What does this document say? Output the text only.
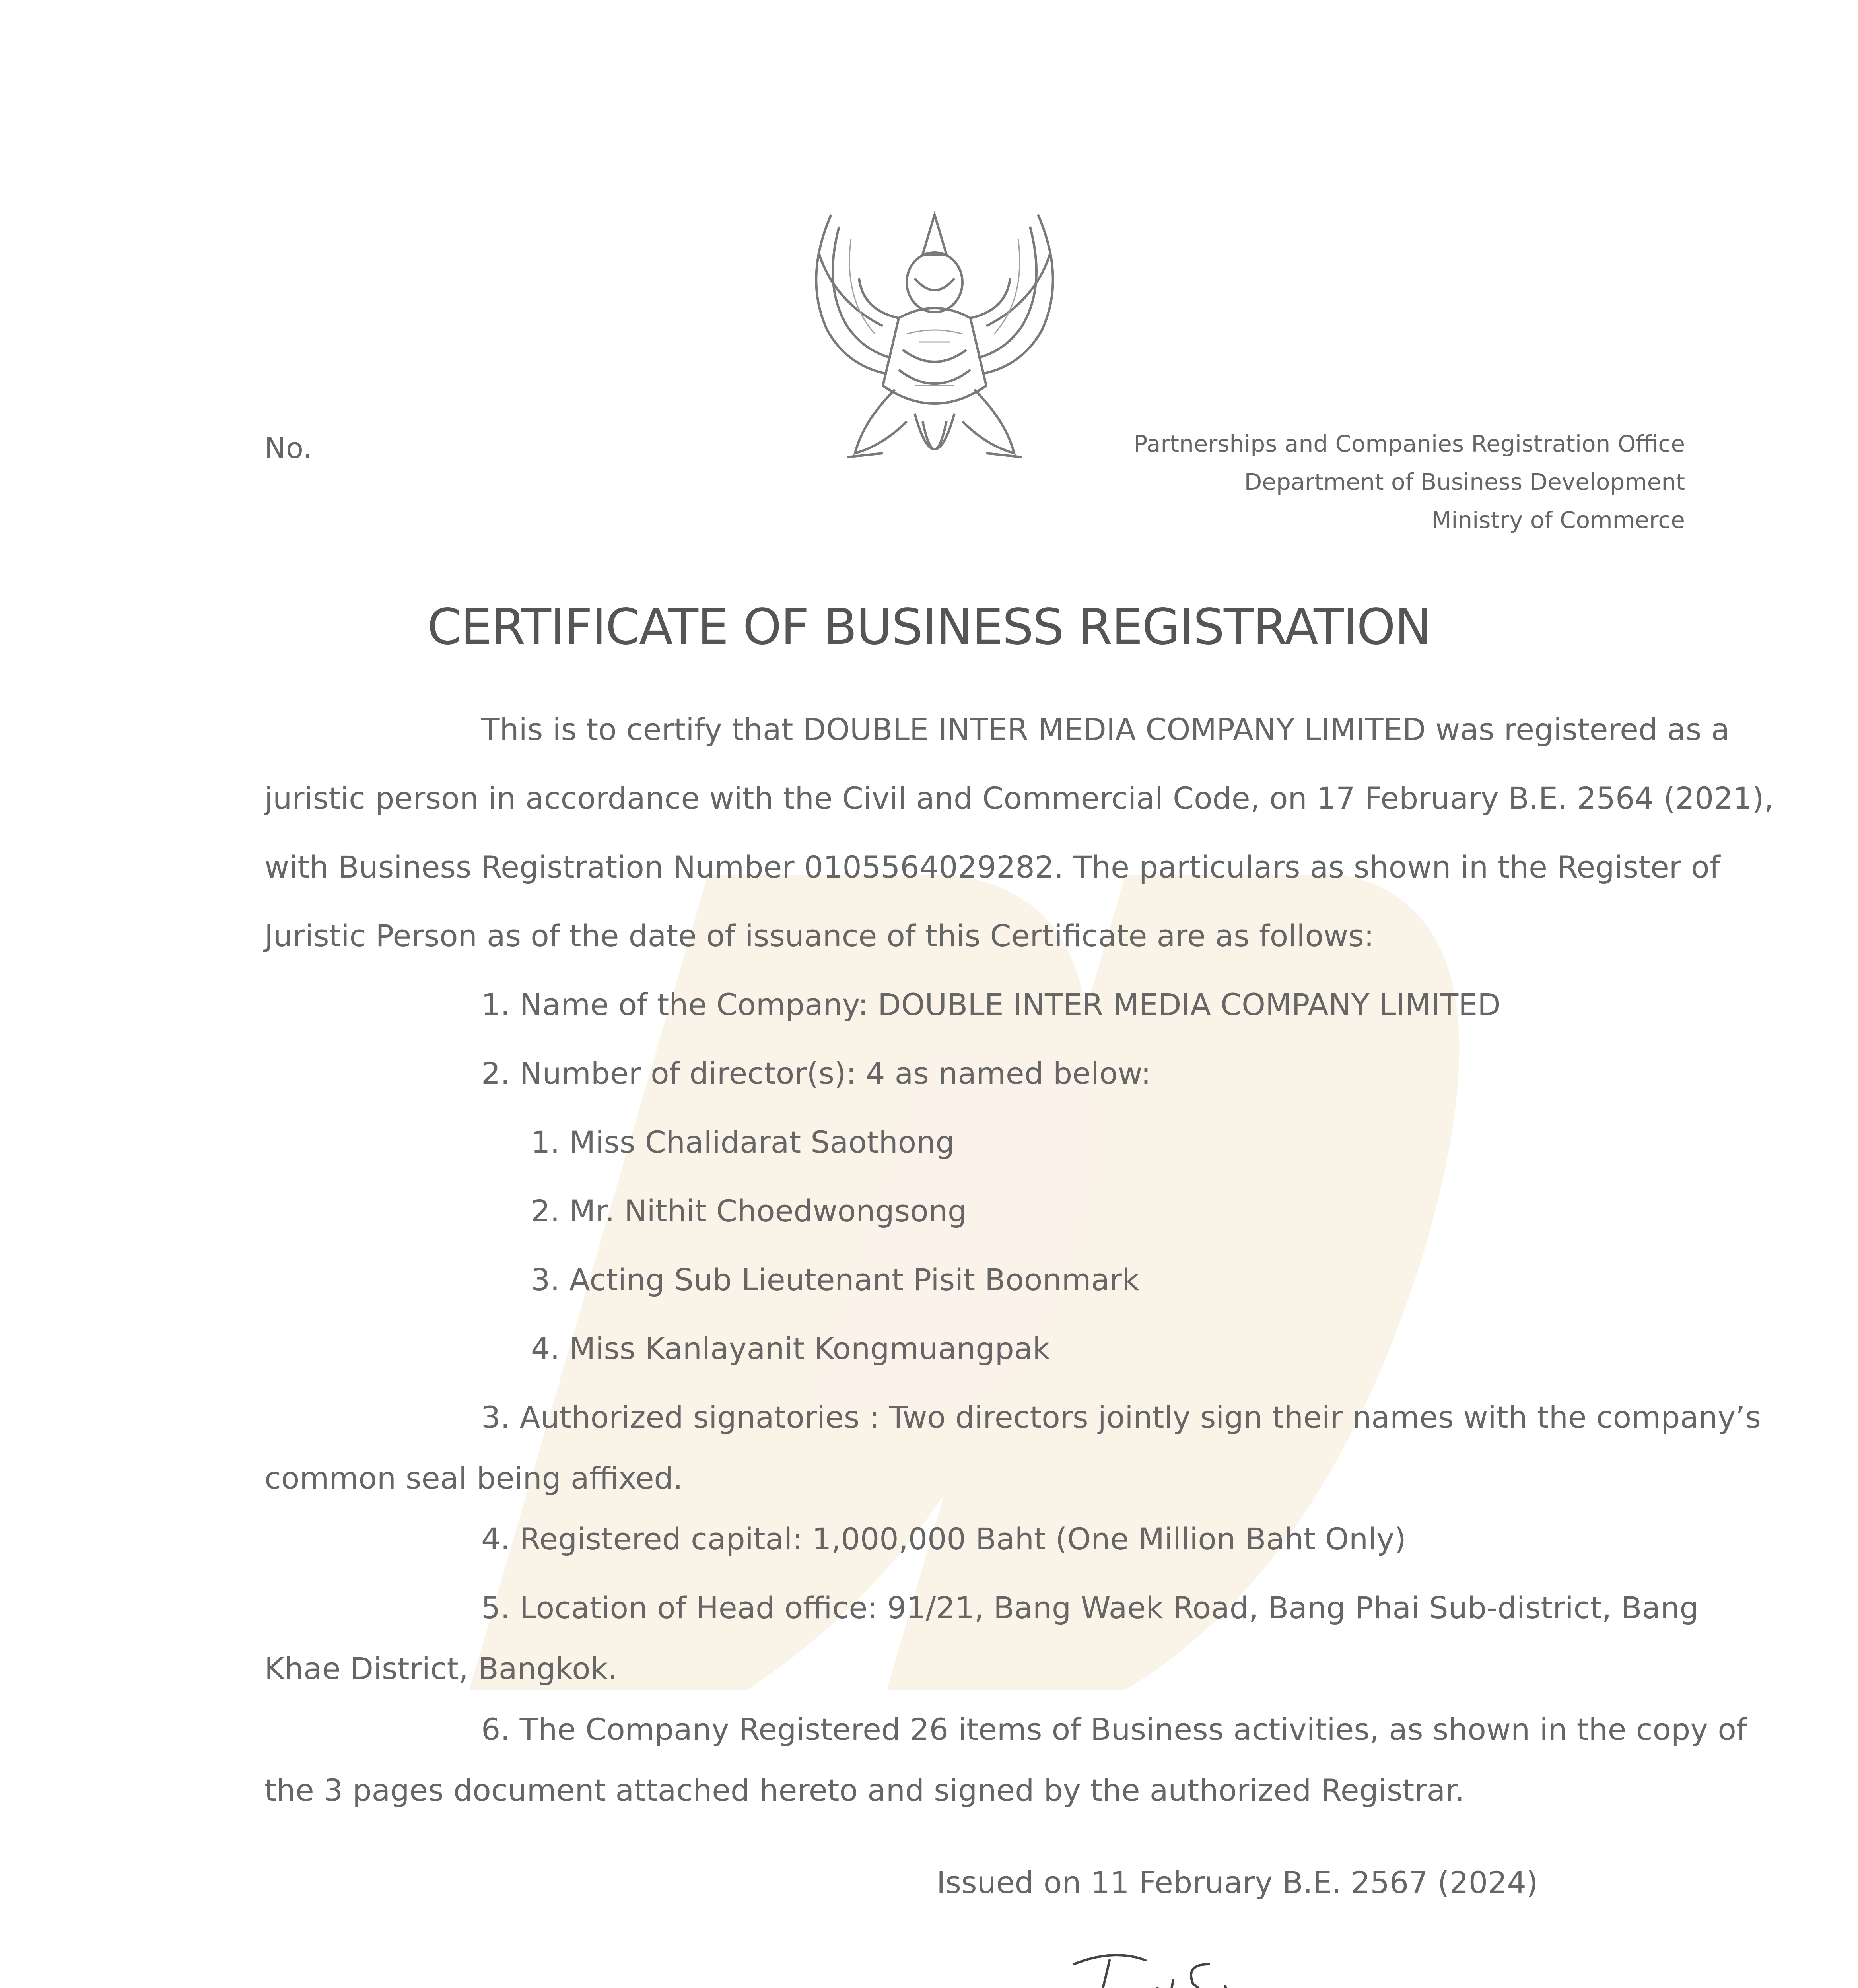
No.	Partnerships and Companies Registration Office
Department of Business Development
Ministry of Commerce
CERTIFICATE OF BUSINESS REGISTRATION
This is to certify that DOUBLE INTER MEDIA COMPANY LIMITED was registered as a
juristic person in accordance with the Civil and Commercial Code, on 17 February B.E. 2564 (2021),
with Business Registration Number 0105564029282. The particulars as shown in the Register of
Juristic Person as of the date of issuance of this Certificate are as follows:
1. Name of the Company: DOUBLE INTER MEDIA COMPANY LIMITED
2. Number of director(s): 4 as named below:
1. Miss Chalidarat Saothong
2. Mr. Nithit Choedwongsong
3. Acting Sub Lieutenant Pisit Boonmark
4. Miss Kanlayanit Kongmuangpak
3. Authorized signatories : Two directors jointly sign their names with the company’s
common seal being affixed.
4. Registered capital: 1,000,000 Baht (One Million Baht Only)
5. Location of Head office: 91/21, Bang Waek Road, Bang Phai Sub-district, Bang
Khae District, Bangkok.
6. The Company Registered 26 items of Business activities, as shown in the copy of
the 3 pages document attached hereto and signed by the authorized Registrar.
Issued on 11 February B.E. 2567 (2024)
